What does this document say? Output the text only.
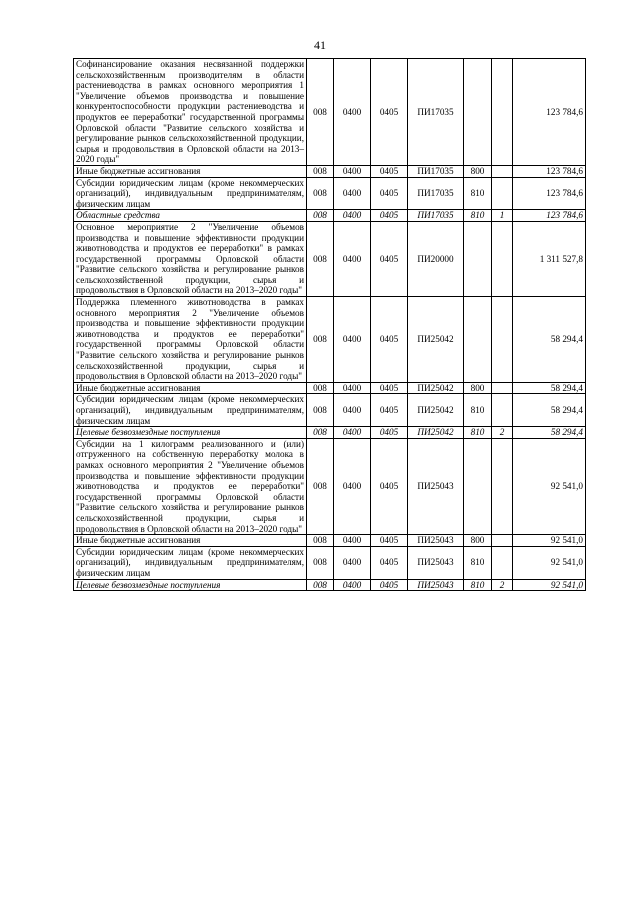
41
Софинансирование оказания несвязанной поддержки сельскохозяйственным производителям в области растениеводства в рамках основного мероприятия 1 "Увеличение объемов производства и повышение конкурентоспособности продукции растениеводства и продуктов ее переработки" государственной программы Орловской области "Развитие сельского хозяйства и регулирование рынков сельскохозяйственной продукции, сырья и продовольствия в Орловской области на 2013–2020 годы"	008	0400	0405	ПИ17035			123 784,6
Иные бюджетные ассигнования	008	0400	0405	ПИ17035	800		123 784,6
Субсидии юридическим лицам (кроме некоммерческих организаций), индивидуальным предпринимателям, физическим лицам	008	0400	0405	ПИ17035	810		123 784,6
Областные средства	008	0400	0405	ПИ17035	810	1	123 784,6
Основное мероприятие 2 "Увеличение объемов производства и повышение эффективности продукции животноводства и продуктов ее переработки" в рамках государственной программы Орловской области "Развитие сельского хозяйства и регулирование рынков сельскохозяйственной продукции, сырья и продовольствия в Орловской области на 2013–2020 годы"	008	0400	0405	ПИ20000			1 311 527,8
Поддержка племенного животноводства в рамках основного мероприятия 2 "Увеличение объемов производства и повышение эффективности продукции животноводства и продуктов ее переработки" государственной программы Орловской области "Развитие сельского хозяйства и регулирование рынков сельскохозяйственной продукции, сырья и продовольствия в Орловской области на 2013–2020 годы"	008	0400	0405	ПИ25042			58 294,4
Иные бюджетные ассигнования	008	0400	0405	ПИ25042	800		58 294,4
Субсидии юридическим лицам (кроме некоммерческих организаций), индивидуальным предпринимателям, физическим лицам	008	0400	0405	ПИ25042	810		58 294,4
Целевые безвозмездные поступления	008	0400	0405	ПИ25042	810	2	58 294,4
Субсидии на 1 килограмм реализованного и (или) отгруженного на собственную переработку молока в рамках основного мероприятия 2 "Увеличение объемов производства и повышение эффективности продукции животноводства и продуктов ее переработки" государственной программы Орловской области "Развитие сельского хозяйства и регулирование рынков сельскохозяйственной продукции, сырья и продовольствия в Орловской области на 2013–2020 годы"	008	0400	0405	ПИ25043			92 541,0
Иные бюджетные ассигнования	008	0400	0405	ПИ25043	800		92 541,0
Субсидии юридическим лицам (кроме некоммерческих организаций), индивидуальным предпринимателям, физическим лицам	008	0400	0405	ПИ25043	810		92 541,0
Целевые безвозмездные поступления	008	0400	0405	ПИ25043	810	2	92 541,0
